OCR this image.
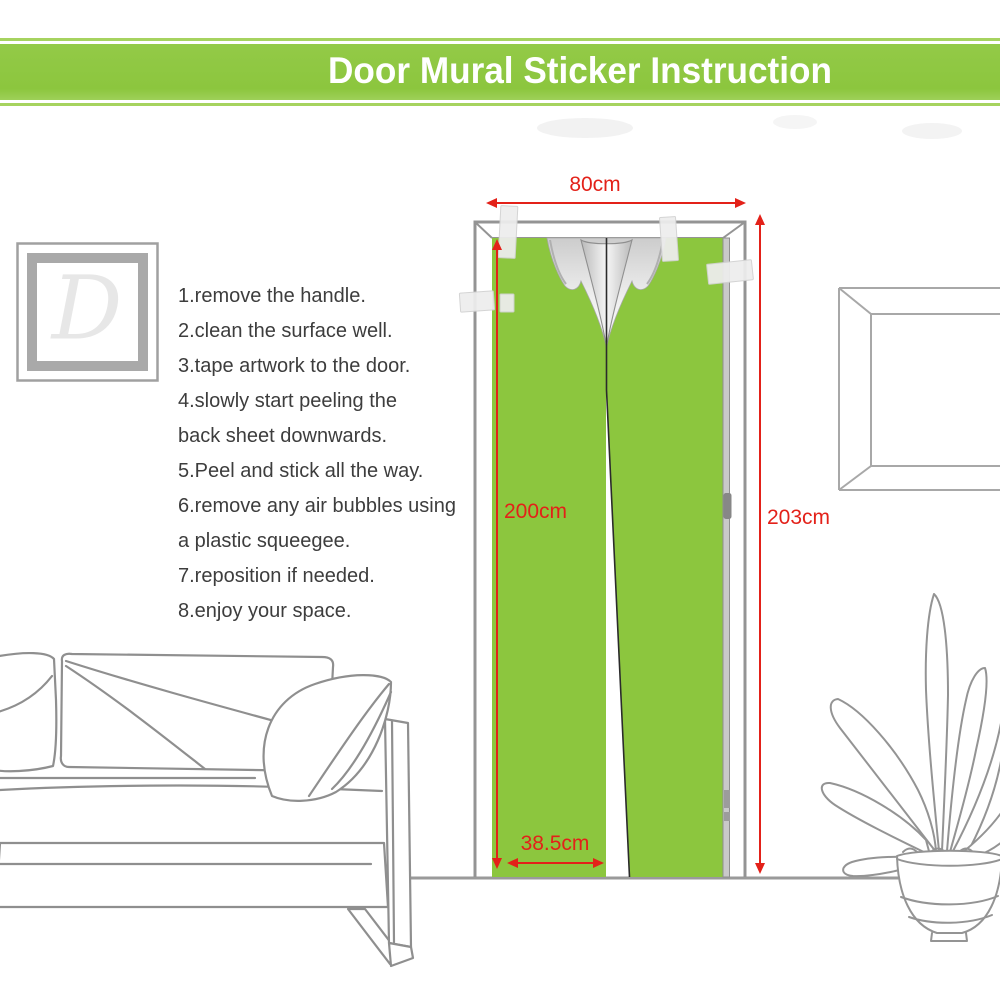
Door Mural Sticker Instruction
D	1.remove the handle.
2.clean the surface well.
3.tape artwork to the door.
4.slowly start peeling the
back sheet downwards.
5.Peel and stick all the way.
6.remove any air bubbles using
a plastic squeegee.
7.reposition if needed.
8.enjoy your space.
80cm
200cm	203cm
38.5cm
